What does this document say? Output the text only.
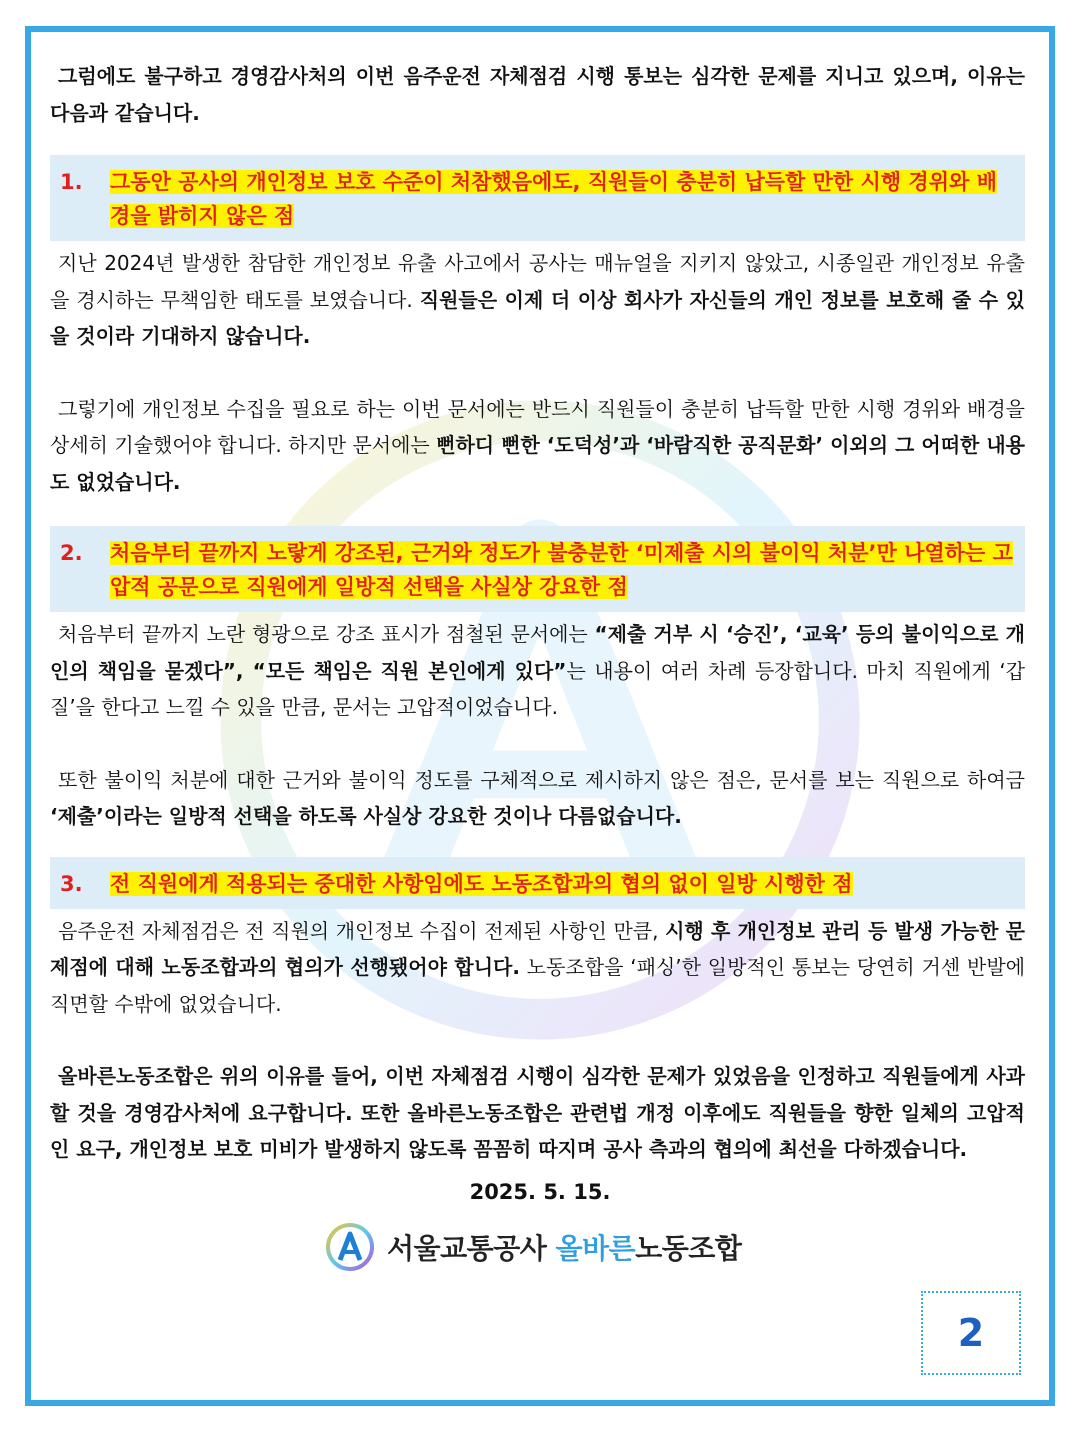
그럼에도 불구하고 경영감사처의 이번 음주운전 자체점검 시행 통보는 심각한 문제를 지니고 있으며, 이유는 다음과 같습니다.

1.	그동안 공사의 개인정보 보호 수준이 처참했음에도, 직원들이 충분히 납득할 만한 시행 경위와 배경을 밝히지 않은 점

지난 2024년 발생한 참담한 개인정보 유출 사고에서 공사는 매뉴얼을 지키지 않았고, 시종일관 개인정보 유출을 경시하는 무책임한 태도를 보였습니다. 직원들은 이제 더 이상 회사가 자신들의 개인 정보를 보호해 줄 수 있을 것이라 기대하지 않습니다.

그렇기에 개인정보 수집을 필요로 하는 이번 문서에는 반드시 직원들이 충분히 납득할 만한 시행 경위와 배경을 상세히 기술했어야 합니다. 하지만 문서에는 뻔하디 뻔한 ‘도덕성’과 ‘바람직한 공직문화’ 이외의 그 어떠한 내용도 없었습니다.

2.	처음부터 끝까지 노랗게 강조된, 근거와 정도가 불충분한 ‘미제출 시의 불이익 처분’만 나열하는 고압적 공문으로 직원에게 일방적 선택을 사실상 강요한 점

처음부터 끝까지 노란 형광으로 강조 표시가 점철된 문서에는 “제출 거부 시 ‘승진’, ‘교육’ 등의 불이익으로 개인의 책임을 묻겠다”, “모든 책임은 직원 본인에게 있다”는 내용이 여러 차례 등장합니다. 마치 직원에게 ‘갑질’을 한다고 느낄 수 있을 만큼, 문서는 고압적이었습니다.

또한 불이익 처분에 대한 근거와 불이익 정도를 구체적으로 제시하지 않은 점은, 문서를 보는 직원으로 하여금 ‘제출’이라는 일방적 선택을 하도록 사실상 강요한 것이나 다름없습니다.

3.	전 직원에게 적용되는 중대한 사항임에도 노동조합과의 협의 없이 일방 시행한 점

음주운전 자체점검은 전 직원의 개인정보 수집이 전제된 사항인 만큼, 시행 후 개인정보 관리 등 발생 가능한 문제점에 대해 노동조합과의 협의가 선행됐어야 합니다. 노동조합을 ‘패싱’한 일방적인 통보는 당연히 거센 반발에 직면할 수밖에 없었습니다.

올바른노동조합은 위의 이유를 들어, 이번 자체점검 시행이 심각한 문제가 있었음을 인정하고 직원들에게 사과할 것을 경영감사처에 요구합니다. 또한 올바른노동조합은 관련법 개정 이후에도 직원들을 향한 일체의 고압적인 요구, 개인정보 보호 미비가 발생하지 않도록 꼼꼼히 따지며 공사 측과의 협의에 최선을 다하겠습니다.

2025. 5. 15.
서울교통공사 올바른노동조합
2
